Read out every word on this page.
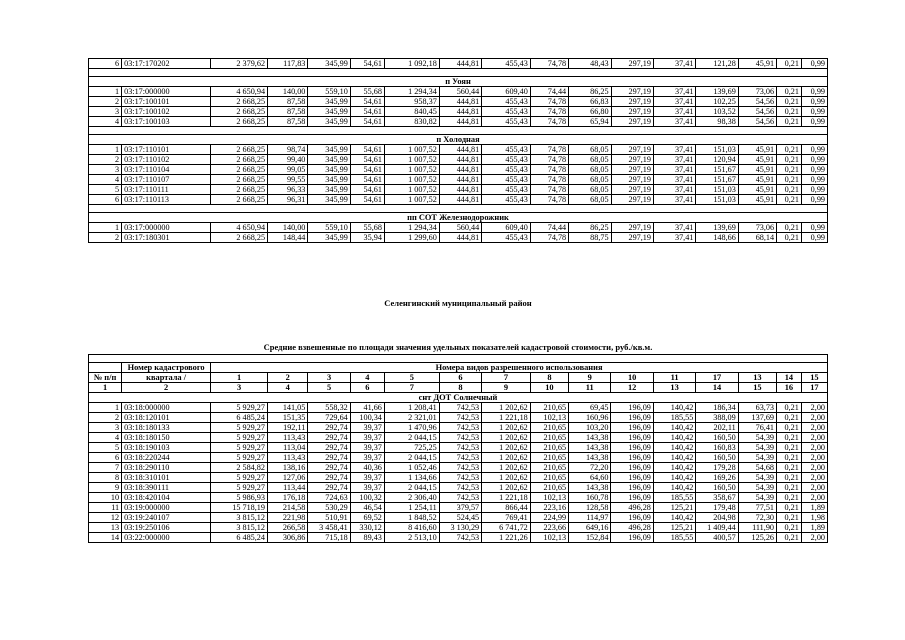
6	03:17:170202	2 379,62	117,83	345,99	54,61	1 092,18	444,81	455,43	74,78	48,43	297,19	37,41	121,28	45,91	0,21	0,99

п Уоян																
1	03:17:000000	4 650,94	140,00	559,10	55,68	1 294,34	560,44	609,40	74,44	86,25	297,19	37,41	139,69	73,06	0,21	0,99
2	03:17:100101	2 668,25	87,58	345,99	54,61	958,37	444,81	455,43	74,78	66,83	297,19	37,41	102,25	54,56	0,21	0,99
3	03:17:100102	2 668,25	87,58	345,99	54,61	840,45	444,81	455,43	74,78	66,80	297,19	37,41	103,52	54,56	0,21	0,99
4	03:17:100103	2 668,25	87,58	345,99	54,61	830,82	444,81	455,43	74,78	65,94	297,19	37,41	98,38	54,56	0,21	0,99

п Холодная																
1	03:17:110101	2 668,25	98,74	345,99	54,61	1 007,52	444,81	455,43	74,78	68,05	297,19	37,41	151,03	45,91	0,21	0,99
2	03:17:110102	2 668,25	99,40	345,99	54,61	1 007,52	444,81	455,43	74,78	68,05	297,19	37,41	120,94	45,91	0,21	0,99
3	03:17:110104	2 668,25	99,05	345,99	54,61	1 007,52	444,81	455,43	74,78	68,05	297,19	37,41	151,67	45,91	0,21	0,99
4	03:17:110107	2 668,25	99,55	345,99	54,61	1 007,52	444,81	455,43	74,78	68,05	297,19	37,41	151,67	45,91	0,21	0,99
5	03:17:110111	2 668,25	96,33	345,99	54,61	1 007,52	444,81	455,43	74,78	68,05	297,19	37,41	151,03	45,91	0,21	0,99
6	03:17:110113	2 668,25	96,31	345,99	54,61	1 007,52	444,81	455,43	74,78	68,05	297,19	37,41	151,03	45,91	0,21	0,99

пп СОТ Железнодорожник																
1	03:17:000000	4 650,94	140,00	559,10	55,68	1 294,34	560,44	609,40	74,44	86,25	297,19	37,41	139,69	73,06	0,21	0,99
2	03:17:180301	2 668,25	148,44	345,99	35,94	1 299,60	444,81	455,43	74,78	88,75	297,19	37,41	148,66	68,14	0,21	0,99
Селенгинский муниципальный район
Средние взвешенные по площади значения удельных показателей кадастровой стоимости, руб./кв.м.

	Номер кадастрового	Номера видов разрешенного использования														
№ п/п	квартала /	1	2	3	4	5	6	7	8	9	10	11	17	13	14	15
1	2	3	4	5	6	7	8	9	10	11	12	13	14	15	16	17
снт ДОТ Солнечный																
1	03:18:000000	5 929,27	141,05	558,32	41,66	1 208,41	742,53	1 202,62	210,65	69,45	196,09	140,42	186,34	63,73	0,21	2,00
2	03:18:120101	6 485,24	151,35	729,64	100,34	2 321,01	742,53	1 221,18	102,13	160,96	196,09	185,55	388,09	137,69	0,21	2,00
3	03:18:180133	5 929,27	192,11	292,74	39,37	1 470,96	742,53	1 202,62	210,65	103,20	196,09	140,42	202,11	76,41	0,21	2,00
4	03:18:180150	5 929,27	113,43	292,74	39,37	2 044,15	742,53	1 202,62	210,65	143,38	196,09	140,42	160,50	54,39	0,21	2,00
5	03:18:190103	5 929,27	113,04	292,74	39,37	725,25	742,53	1 202,62	210,65	143,38	196,09	140,42	160,83	54,39	0,21	2,00
6	03:18:220244	5 929,27	113,43	292,74	39,37	2 044,15	742,53	1 202,62	210,65	143,38	196,09	140,42	160,50	54,39	0,21	2,00
7	03:18:290110	2 584,82	138,16	292,74	40,36	1 052,46	742,53	1 202,62	210,65	72,20	196,09	140,42	179,28	54,68	0,21	2,00
8	03:18:310101	5 929,27	127,06	292,74	39,37	1 134,66	742,53	1 202,62	210,65	64,60	196,09	140,42	169,26	54,39	0,21	2,00
9	03:18:390111	5 929,27	113,44	292,74	39,37	2 044,15	742,53	1 202,62	210,65	143,38	196,09	140,42	160,50	54,39	0,21	2,00
10	03:18:420104	5 986,93	176,18	724,63	100,32	2 306,40	742,53	1 221,18	102,13	160,78	196,09	185,55	358,67	54,39	0,21	2,00
11	03:19:000000	15 718,19	214,58	530,29	46,54	1 254,11	379,57	866,44	223,16	128,58	496,28	125,21	179,48	77,51	0,21	1,89
12	03:19:240107	3 815,12	221,98	510,91	69,52	1 848,52	524,45	769,41	224,99	114,97	196,09	140,42	204,98	72,30	0,21	1,98
13	03:19:250106	3 815,12	266,58	3 458,41	330,12	8 416,60	3 130,29	6 741,72	223,66	649,16	496,28	125,21	1 409,44	111,90	0,21	1,89
14	03:22:000000	6 485,24	306,86	715,18	89,43	2 513,10	742,53	1 221,26	102,13	152,84	196,09	185,55	400,57	125,26	0,21	2,00
